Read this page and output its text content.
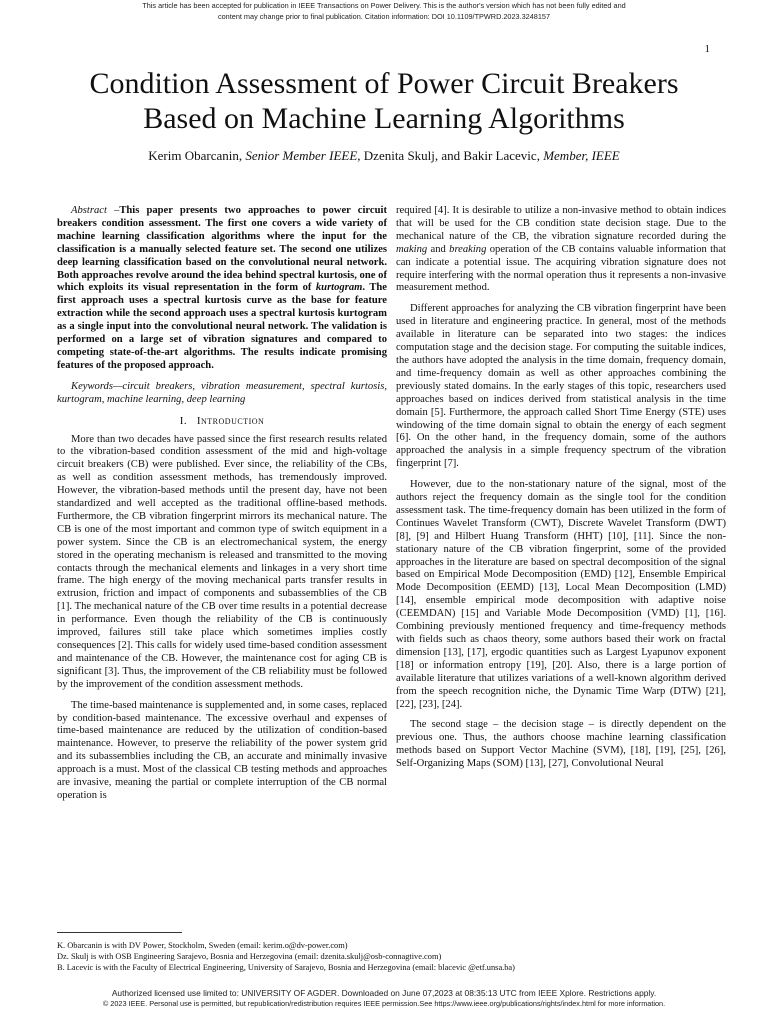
This article has been accepted for publication in IEEE Transactions on Power Delivery. This is the author's version which has not been fully edited and
content may change prior to final publication. Citation information: DOI 10.1109/TPWRD.2023.3248157
1
Condition Assessment of Power Circuit Breakers
Based on Machine Learning Algorithms
Kerim Obarcanin, Senior Member IEEE, Dzenita Skulj, and Bakir Lacevic, Member, IEEE

Abstract –This paper presents two approaches to power circuit breakers condition assessment. The first one covers a wide variety of machine learning classification algorithms where the input for the classification is a manually selected feature set. The second one utilizes deep learning classification based on the convolutional neural network. Both approaches revolve around the idea behind spectral kurtosis, one of which exploits its visual representation in the form of kurtogram. The first approach uses a spectral kurtosis curve as the base for feature extraction while the second approach uses a spectral kurtosis kurtogram as a single input into the convolutional neural network. The validation is performed on a large set of vibration signatures and compared to competing state-of-the-art algorithms. The results indicate promising features of the proposed approach.

Keywords—circuit breakers, vibration measurement, spectral kurtosis, kurtogram, machine learning, deep learning

I. Introduction

More than two decades have passed since the first research results related to the vibration-based condition assessment of the mid and high-voltage circuit breakers (CB) were published. Ever since, the reliability of the CBs, as well as condition assessment methods, has tremendously improved. However, the vibration-based methods until the present day, have not been standardized and well accepted as the traditional offline-based methods. Furthermore, the CB vibration fingerprint mirrors its mechanical nature. The CB is one of the most important and common type of switch equipment in a power system. Since the CB is an electromechanical system, the energy stored in the operating mechanism is released and transmitted to the moving contacts through the mechanical elements and linkages in a very short time frame. The high energy of the moving mechanical parts transfer results in extrusion, friction and impact of components and subassemblies of the CB [1]. The mechanical nature of the CB over time results in a potential decrease in performance. Even though the reliability of the CB is continuously improved, failures still take place which sometimes implies costly consequences [2]. This calls for widely used time-based condition assessment and maintenance of the CB. However, the maintenance cost for aging CB is significant [3]. Thus, the improvement of the CB reliability must be followed by the improvement of the condition assessment methods.

The time-based maintenance is supplemented and, in some cases, replaced by condition-based maintenance. The excessive overhaul and expenses of time-based maintenance are reduced by the utilization of condition-based maintenance. However, to preserve the reliability of the power system grid and its subassemblies including the CB, an accurate and minimally invasive approach is a must. Most of the classical CB testing methods and approaches are invasive, meaning the partial or complete interruption of the CB normal operation is

required [4]. It is desirable to utilize a non-invasive method to obtain indices that will be used for the CB condition state decision stage. Due to the mechanical nature of the CB, the vibration signature recorded during the making and breaking operation of the CB contains valuable information that can indicate a potential issue. The acquiring vibration signature does not require interfering with the normal operation thus it represents a non-invasive measurement method.

Different approaches for analyzing the CB vibration fingerprint have been used in literature and engineering practice. In general, most of the methods available in literature can be separated into two stages: the indices computation stage and the decision stage. For computing the suitable indices, the authors have adopted the analysis in the time domain, frequency domain, and time-frequency domain as well as other approaches combining the previously stated domains. In the early stages of this topic, researchers used approaches based on indices derived from statistical analysis in the time domain [5]. Furthermore, the approach called Short Time Energy (STE) uses windowing of the time domain signal to obtain the energy of each segment [6]. On the other hand, in the frequency domain, some of the authors approached the analysis in a simple frequency spectrum of the vibration fingerprint [7].

However, due to the non-stationary nature of the signal, most of the authors reject the frequency domain as the single tool for the condition assessment task. The time-frequency domain has been utilized in the form of Continues Wavelet Transform (CWT), Discrete Wavelet Transform (DWT) [8], [9] and Hilbert Huang Transform (HHT) [10], [11]. Since the non-stationary nature of the CB vibration fingerprint, some of the provided approaches in the literature are based on spectral decomposition of the signal based on Empirical Mode Decomposition (EMD) [12], Ensemble Empirical Mode Decomposition (EEMD) [13], Local Mean Decomposition (LMD) [14], ensemble empirical mode decomposition with adaptive noise (CEEMDAN) [15] and Variable Mode Decomposition (VMD) [1], [16]. Combining previously mentioned frequency and time-frequency methods with fields such as chaos theory, some authors based their work on fractal dimension [13], [17], ergodic quantities such as Largest Lyapunov exponent [18] or information entropy [19], [20]. Also, there is a large portion of available literature that utilizes variations of a well-known algorithm derived from the speech recognition niche, the Dynamic Time Warp (DTW) [21], [22], [23], [24].

The second stage – the decision stage – is directly dependent on the previous one. Thus, the authors choose machine learning classification methods based on Support Vector Machine (SVM), [18], [19], [25], [26], Self-Organizing Maps (SOM) [13], [27], Convolutional Neural

K. Obarcanin is with DV Power, Stockholm, Sweden (email: kerim.o@dv-power.com)
Dz. Skulj is with OSB Engineering Sarajevo, Bosnia and Herzegovina (email: dzenita.skulj@osb-connagtive.com)
B. Lacevic is with the Faculty of Electrical Engineering, University of Sarajevo, Bosnia and Herzegovina (email: blacevic @etf.unsa.ba)
Authorized licensed use limited to: UNIVERSITY OF AGDER. Downloaded on June 07,2023 at 08:35:13 UTC from IEEE Xplore. Restrictions apply.
© 2023 IEEE. Personal use is permitted, but republication/redistribution requires IEEE permission.See https://www.ieee.org/publications/rights/index.html for more information.
